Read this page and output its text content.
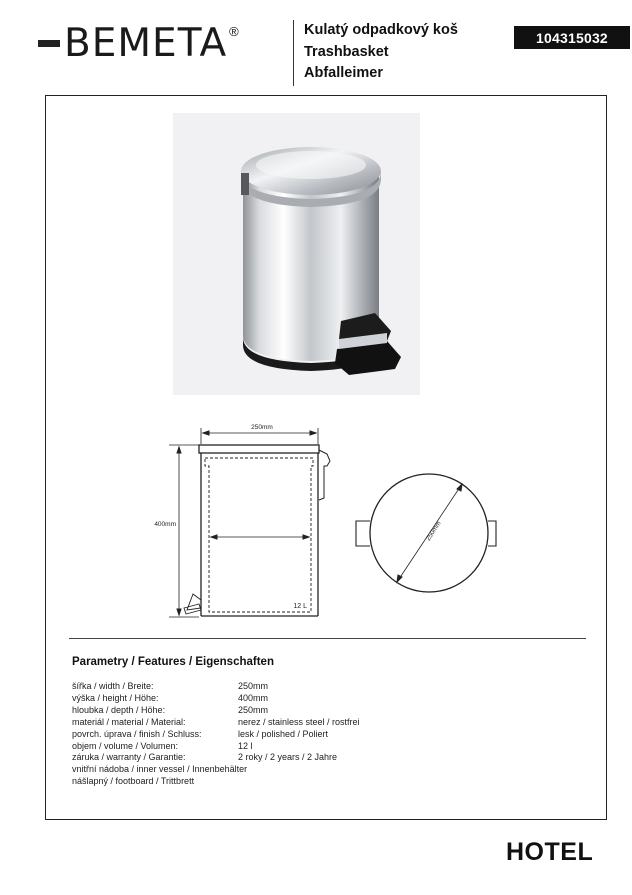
BEMETA ®	Kulatý odpadkový koš
Trashbasket
Abfalleimer
104315032
250mm
400mm
12 L
250mm
Parametry / Features / Eigenschaften
šířka / width / Breite:	250mm
výška / height / Höhe:	400mm
hloubka / depth / Höhe:	250mm
materiál / material / Material:	nerez / stainless steel / rostfrei
povrch. úprava / finish / Schluss:	lesk / polished / Poliert
objem / volume / Volumen:	12 l
záruka / warranty / Garantie:	2 roky / 2 years / 2 Jahre
vnitřní nádoba / inner vessel / Innenbehälter
nášlapný / footboard / Trittbrett
HOTEL
